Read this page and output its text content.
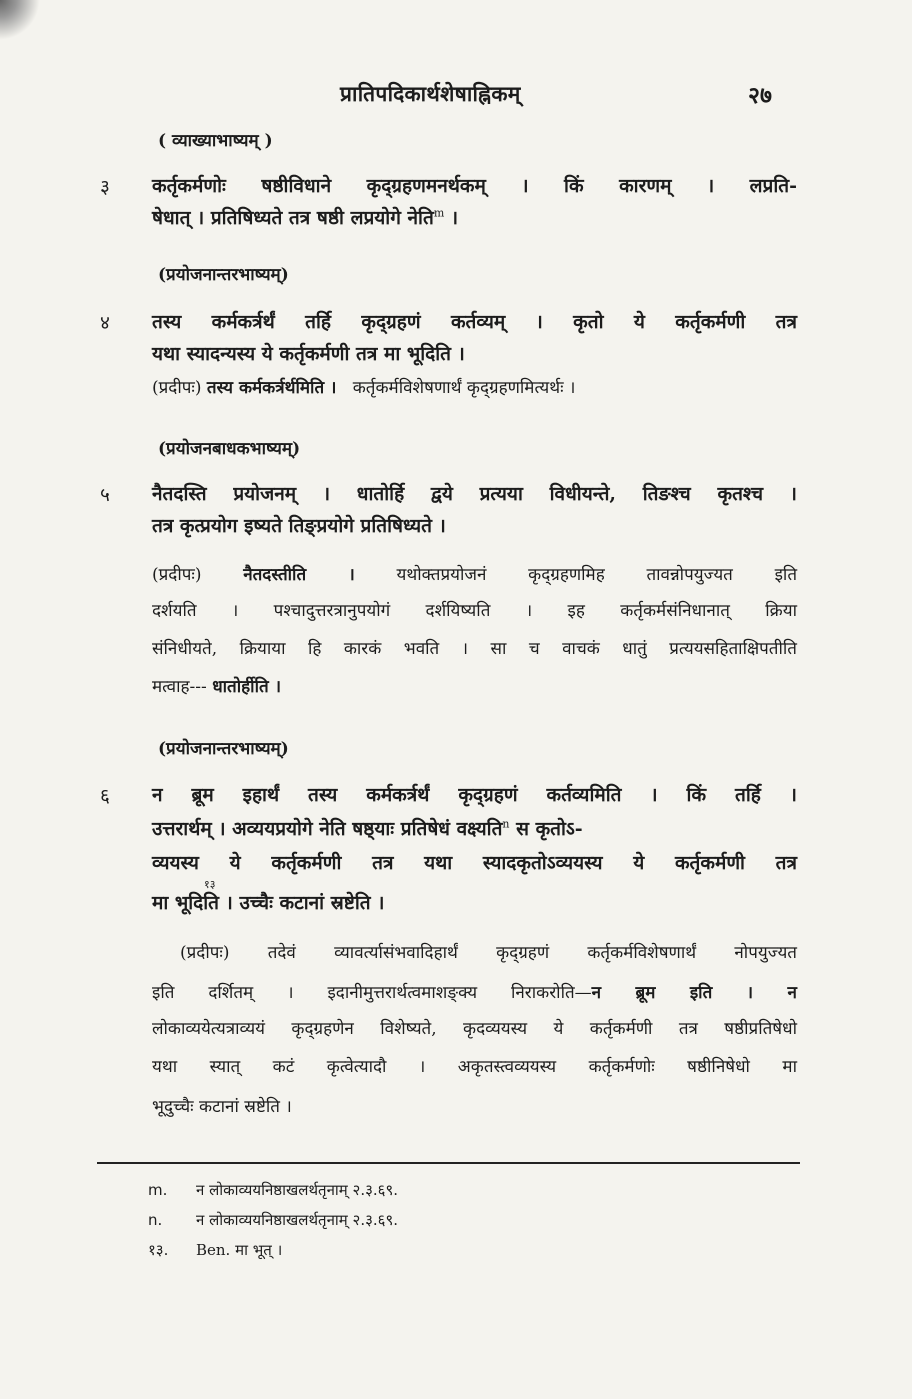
प्रातिपदिकार्थशेषाह्निकम्	२७
( व्याख्याभाष्यम् )
३ कर्तृकर्मणोः षष्ठीविधाने कृद्ग्रहणमनर्थकम् । किं कारणम् । लप्रति-
षेधात् । प्रतिषिध्यते तत्र षष्ठी लप्रयोगे नेति$^m$ ।
(प्रयोजनान्तरभाष्यम्)
४ तस्य कर्मकर्त्रर्थं तर्हि कृद्ग्रहणं कर्तव्यम् । कृतो ये कर्तृकर्मणी तत्र
यथा स्यादन्यस्य ये कर्तृकर्मणी तत्र मा भूदिति ।
(प्रदीपः) तस्य कर्मकर्त्रर्थमिति । कर्तृकर्मविशेषणार्थं कृद्ग्रहणमित्यर्थः ।
(प्रयोजनबाधकभाष्यम्)
५ नैतदस्ति प्रयोजनम् । धातोर्हि द्वये प्रत्यया विधीयन्ते, तिङश्च कृतश्च ।
तत्र कृत्प्रयोग इष्यते तिङ्प्रयोगे प्रतिषिध्यते ।
(प्रदीपः) नैतदस्तीति । यथोक्तप्रयोजनं कृद्ग्रहणमिह तावन्नोपयुज्यत इति
दर्शयति । पश्चादुत्तरत्रानुपयोगं दर्शयिष्यति । इह कर्तृकर्मसंनिधानात् क्रिया
संनिधीयते, क्रियाया हि कारकं भवति । सा च वाचकं धातुं प्रत्ययसहिताक्षिपतीति
मत्वाह--- धातोर्हीति ।
(प्रयोजनान्तरभाष्यम्)
६ न ब्रूम इहार्थं तस्य कर्मकर्त्रर्थं कृद्ग्रहणं कर्तव्यमिति । किं तर्हि ।
उत्तरार्थम् । अव्ययप्रयोगे नेति षष्ठ्याः प्रतिषेधं वक्ष्यति$^n$ स कृतोऽ-
व्ययस्य ये कर्तृकर्मणी तत्र यथा स्यादकृतोऽव्ययस्य ये कर्तृकर्मणी तत्र
१३
मा भूदिति । उच्चैः कटानां स्रष्टेति ।
(प्रदीपः) तदेवं व्यावर्त्यासंभवादिहार्थं कृद्ग्रहणं कर्तृकर्मविशेषणार्थं नोपयुज्यत
इति दर्शितम् । इदानीमुत्तरार्थत्वमाशङ्क्य निराकरोति—न ब्रूम इति । न
लोकाव्ययेत्यत्राव्ययं कृद्ग्रहणेन विशेष्यते, कृदव्ययस्य ये कर्तृकर्मणी तत्र षष्ठीप्रतिषेधो
यथा स्यात् कटं कृत्वेत्यादौ । अकृतस्त्वव्ययस्य कर्तृकर्मणोः षष्ठीनिषेधो मा
भूदुच्चैः कटानां स्रष्टेति ।
m. न लोकाव्ययनिष्ठाखलर्थतृनाम् २.३.६९.
n. न लोकाव्ययनिष्ठाखलर्थतृनाम् २.३.६९.
१३. Ben. मा भूत् ।
